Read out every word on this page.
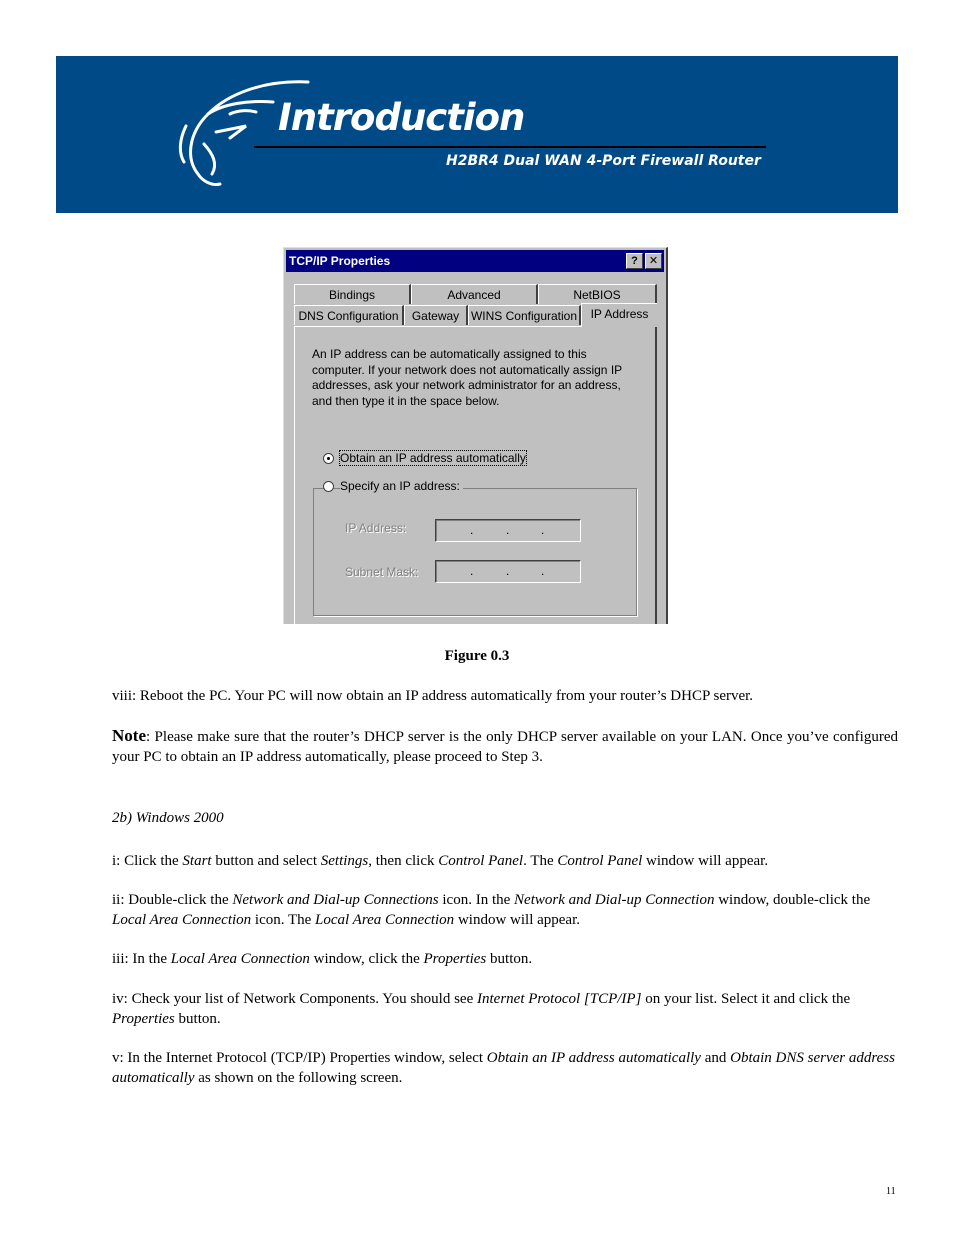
Introduction
H2BR4 Dual WAN 4-Port Firewall Router
TCP/IP Properties	?	✕
Bindings	Advanced	NetBIOS
DNS Configuration	Gateway WINS Configuration	IP Address
An IP address can be automatically assigned to this computer. If your network does not automatically assign IP addresses, ask your network administrator for an address, and then type it in the space below.
Obtain an IP address automatically
Specify an IP address:
IP Address:	.	.	.
Subnet Mask:	.	.	.
Figure 0.3
viii: Reboot the PC. Your PC will now obtain an IP address automatically from your router’s DHCP server.
Note: Please make sure that the router’s DHCP server is the only DHCP server available on your LAN. Once you’ve configured your PC to obtain an IP address automatically, please proceed to Step 3.
2b) Windows 2000
i: Click the Start button and select Settings, then click Control Panel. The Control Panel window will appear.
ii: Double-click the Network and Dial-up Connections icon. In the Network and Dial-up Connection window, double-click the Local Area Connection icon. The Local Area Connection window will appear.
iii: In the Local Area Connection window, click the Properties button.
iv: Check your list of Network Components. You should see Internet Protocol [TCP/IP] on your list. Select it and click the Properties button.
v: In the Internet Protocol (TCP/IP) Properties window, select Obtain an IP address automatically and Obtain DNS server address automatically as shown on the following screen.
11
